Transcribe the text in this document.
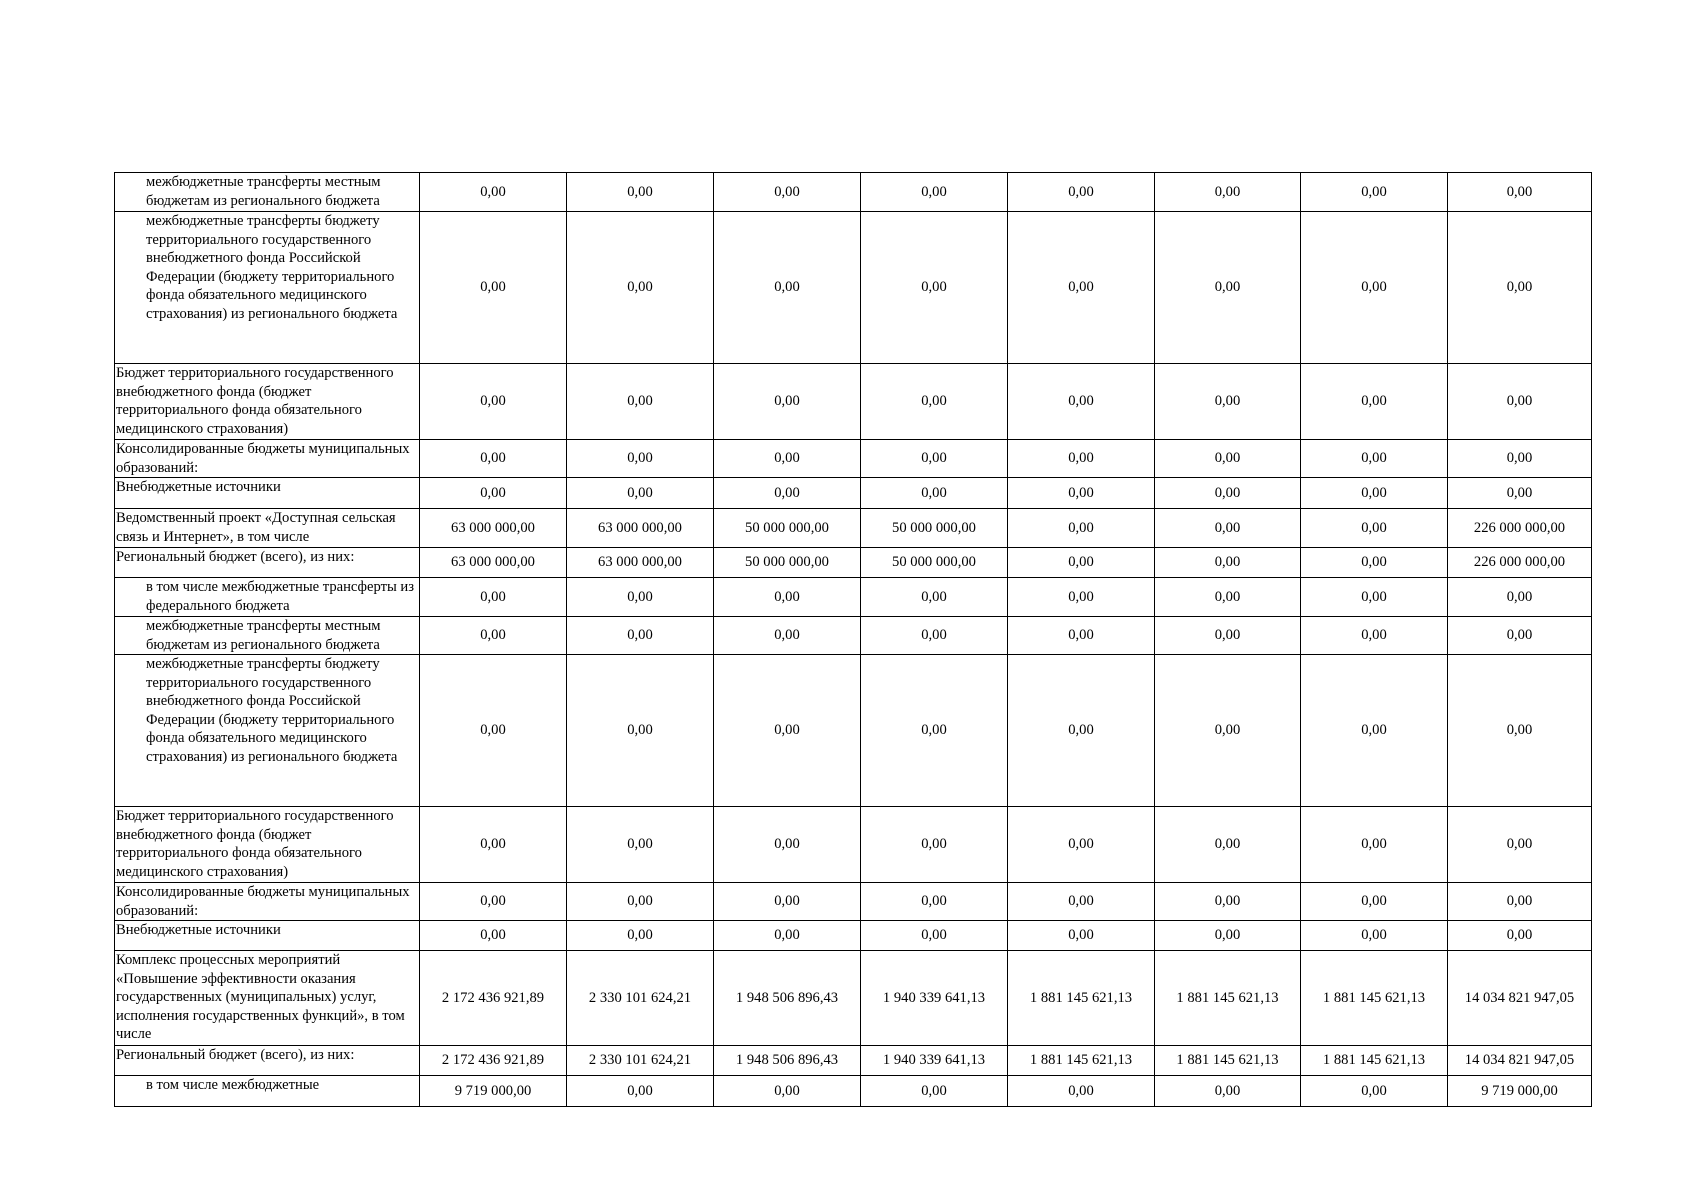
межбюджетные трансферты местным бюджетам из регионального бюджета	0,00	0,00	0,00	0,00	0,00	0,00	0,00	0,00
межбюджетные трансферты бюджету территориального государственного внебюджетного фонда Российской Федерации (бюджету территориального фонда обязательного медицинского страхования) из регионального бюджета	0,00	0,00	0,00	0,00	0,00	0,00	0,00	0,00
Бюджет территориального государственного внебюджетного фонда (бюджет территориального фонда обязательного медицинского страхования)	0,00	0,00	0,00	0,00	0,00	0,00	0,00	0,00
Консолидированные бюджеты муниципальных образований:	0,00	0,00	0,00	0,00	0,00	0,00	0,00	0,00
Внебюджетные источники	0,00	0,00	0,00	0,00	0,00	0,00	0,00	0,00
Ведомственный проект «Доступная сельская связь и Интернет», в том числе	63 000 000,00	63 000 000,00	50 000 000,00	50 000 000,00	0,00	0,00	0,00	226 000 000,00
Региональный бюджет (всего), из них:	63 000 000,00	63 000 000,00	50 000 000,00	50 000 000,00	0,00	0,00	0,00	226 000 000,00
в том числе межбюджетные трансферты из федерального бюджета	0,00	0,00	0,00	0,00	0,00	0,00	0,00	0,00
межбюджетные трансферты местным бюджетам из регионального бюджета	0,00	0,00	0,00	0,00	0,00	0,00	0,00	0,00
межбюджетные трансферты бюджету территориального государственного внебюджетного фонда Российской Федерации (бюджету территориального фонда обязательного медицинского страхования) из регионального бюджета	0,00	0,00	0,00	0,00	0,00	0,00	0,00	0,00
Бюджет территориального государственного внебюджетного фонда (бюджет территориального фонда обязательного медицинского страхования)	0,00	0,00	0,00	0,00	0,00	0,00	0,00	0,00
Консолидированные бюджеты муниципальных образований:	0,00	0,00	0,00	0,00	0,00	0,00	0,00	0,00
Внебюджетные источники	0,00	0,00	0,00	0,00	0,00	0,00	0,00	0,00
Комплекс процессных мероприятий «Повышение эффективности оказания государственных (муниципальных) услуг, исполнения государственных функций», в том числе	2 172 436 921,89	2 330 101 624,21	1 948 506 896,43	1 940 339 641,13	1 881 145 621,13	1 881 145 621,13	1 881 145 621,13	14 034 821 947,05
Региональный бюджет (всего), из них:	2 172 436 921,89	2 330 101 624,21	1 948 506 896,43	1 940 339 641,13	1 881 145 621,13	1 881 145 621,13	1 881 145 621,13	14 034 821 947,05
в том числе межбюджетные	9 719 000,00	0,00	0,00	0,00	0,00	0,00	0,00	9 719 000,00
